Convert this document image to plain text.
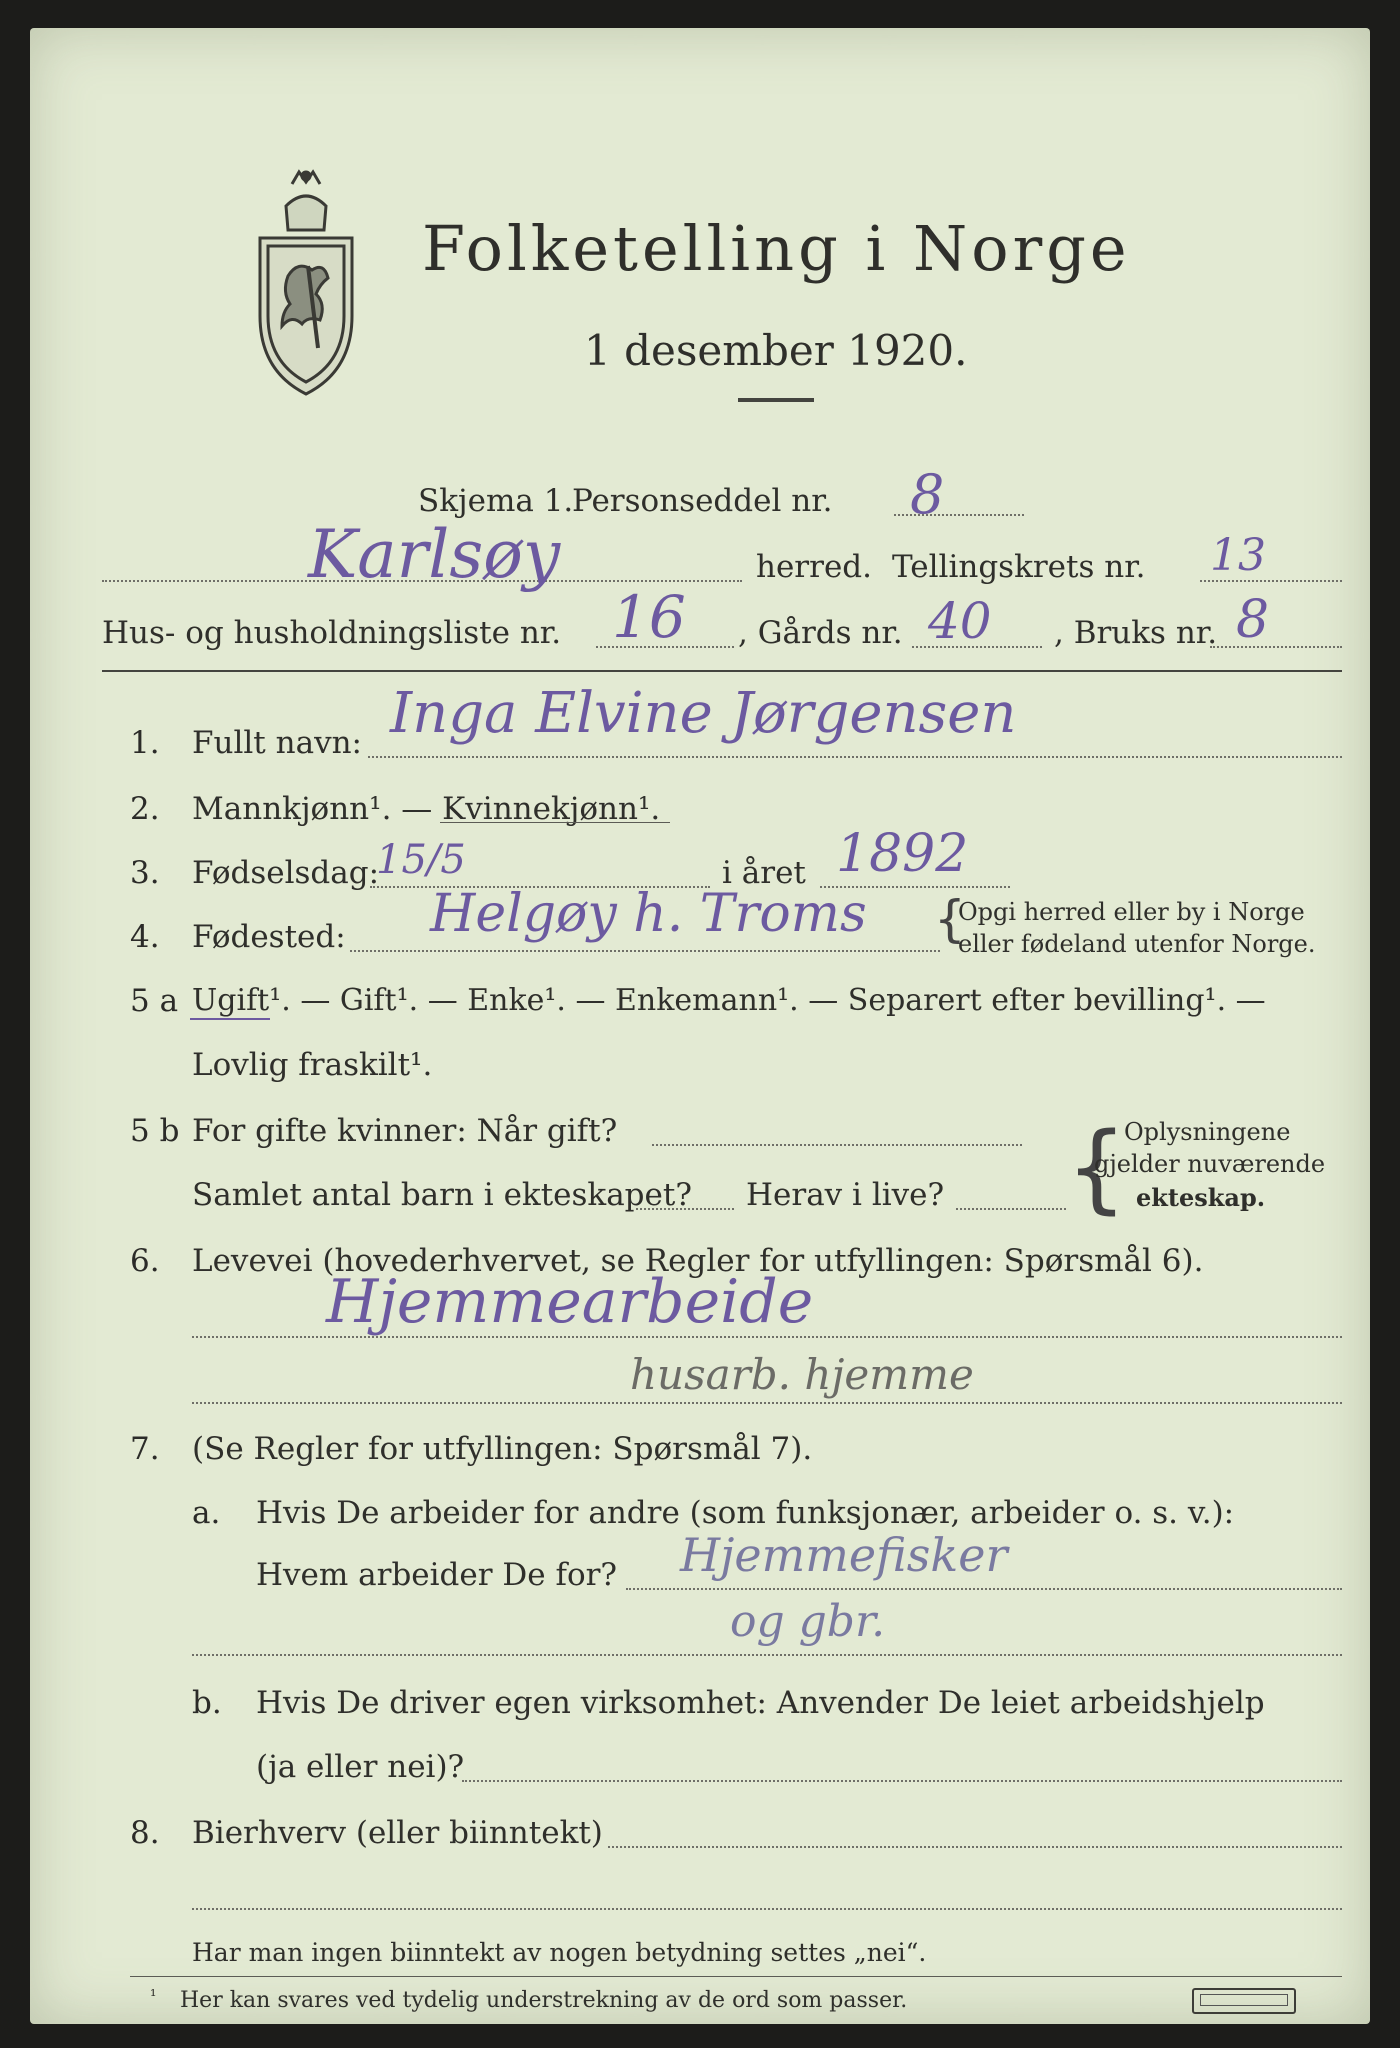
Folketelling i Norge
1 desember 1920.
Skjema 1.
Personseddel nr. 8
Karlsøy	herred. Tellingskrets nr. 13
Hus- og husholdningsliste nr. 16 , Gårds nr. 40 , Bruks nr. 8
1. Fullt navn: Inga Elvine Jørgensen
2. Mannkjønn¹. — Kvinnekjønn¹.
3. Fødselsdag:
15/5	i året 1892
4. Fødested: Helgøy h. Troms {
Opgi herred eller by i Norge
eller fødeland utenfor Norge.
5 a Ugift¹. — Gift¹. — Enke¹. — Enkemann¹. — Separert efter bevilling¹. —
Lovlig fraskilt¹.
5 b For gifte kvinner: Når gift?
Samlet antal barn i ekteskapet? Herav i live? {
Oplysningene
gjelder nuværende
ekteskap.
6. Levevei (hovederhvervet, se Regler for utfyllingen: Spørsmål 6).
Hjemmearbeide
husarb. hjemme
7. (Se Regler for utfyllingen: Spørsmål 7).
a. Hvis De arbeider for andre (som funksjonær, arbeider o. s. v.):
Hvem arbeider De for? Hjemmefisker
og gbr.
b. Hvis De driver egen virksomhet: Anvender De leiet arbeidshjelp
(ja eller nei)?
8. Bierhverv (eller biinntekt)
Har man ingen biinntekt av nogen betydning settes „nei“.
¹ Her kan svares ved tydelig understrekning av de ord som passer.
